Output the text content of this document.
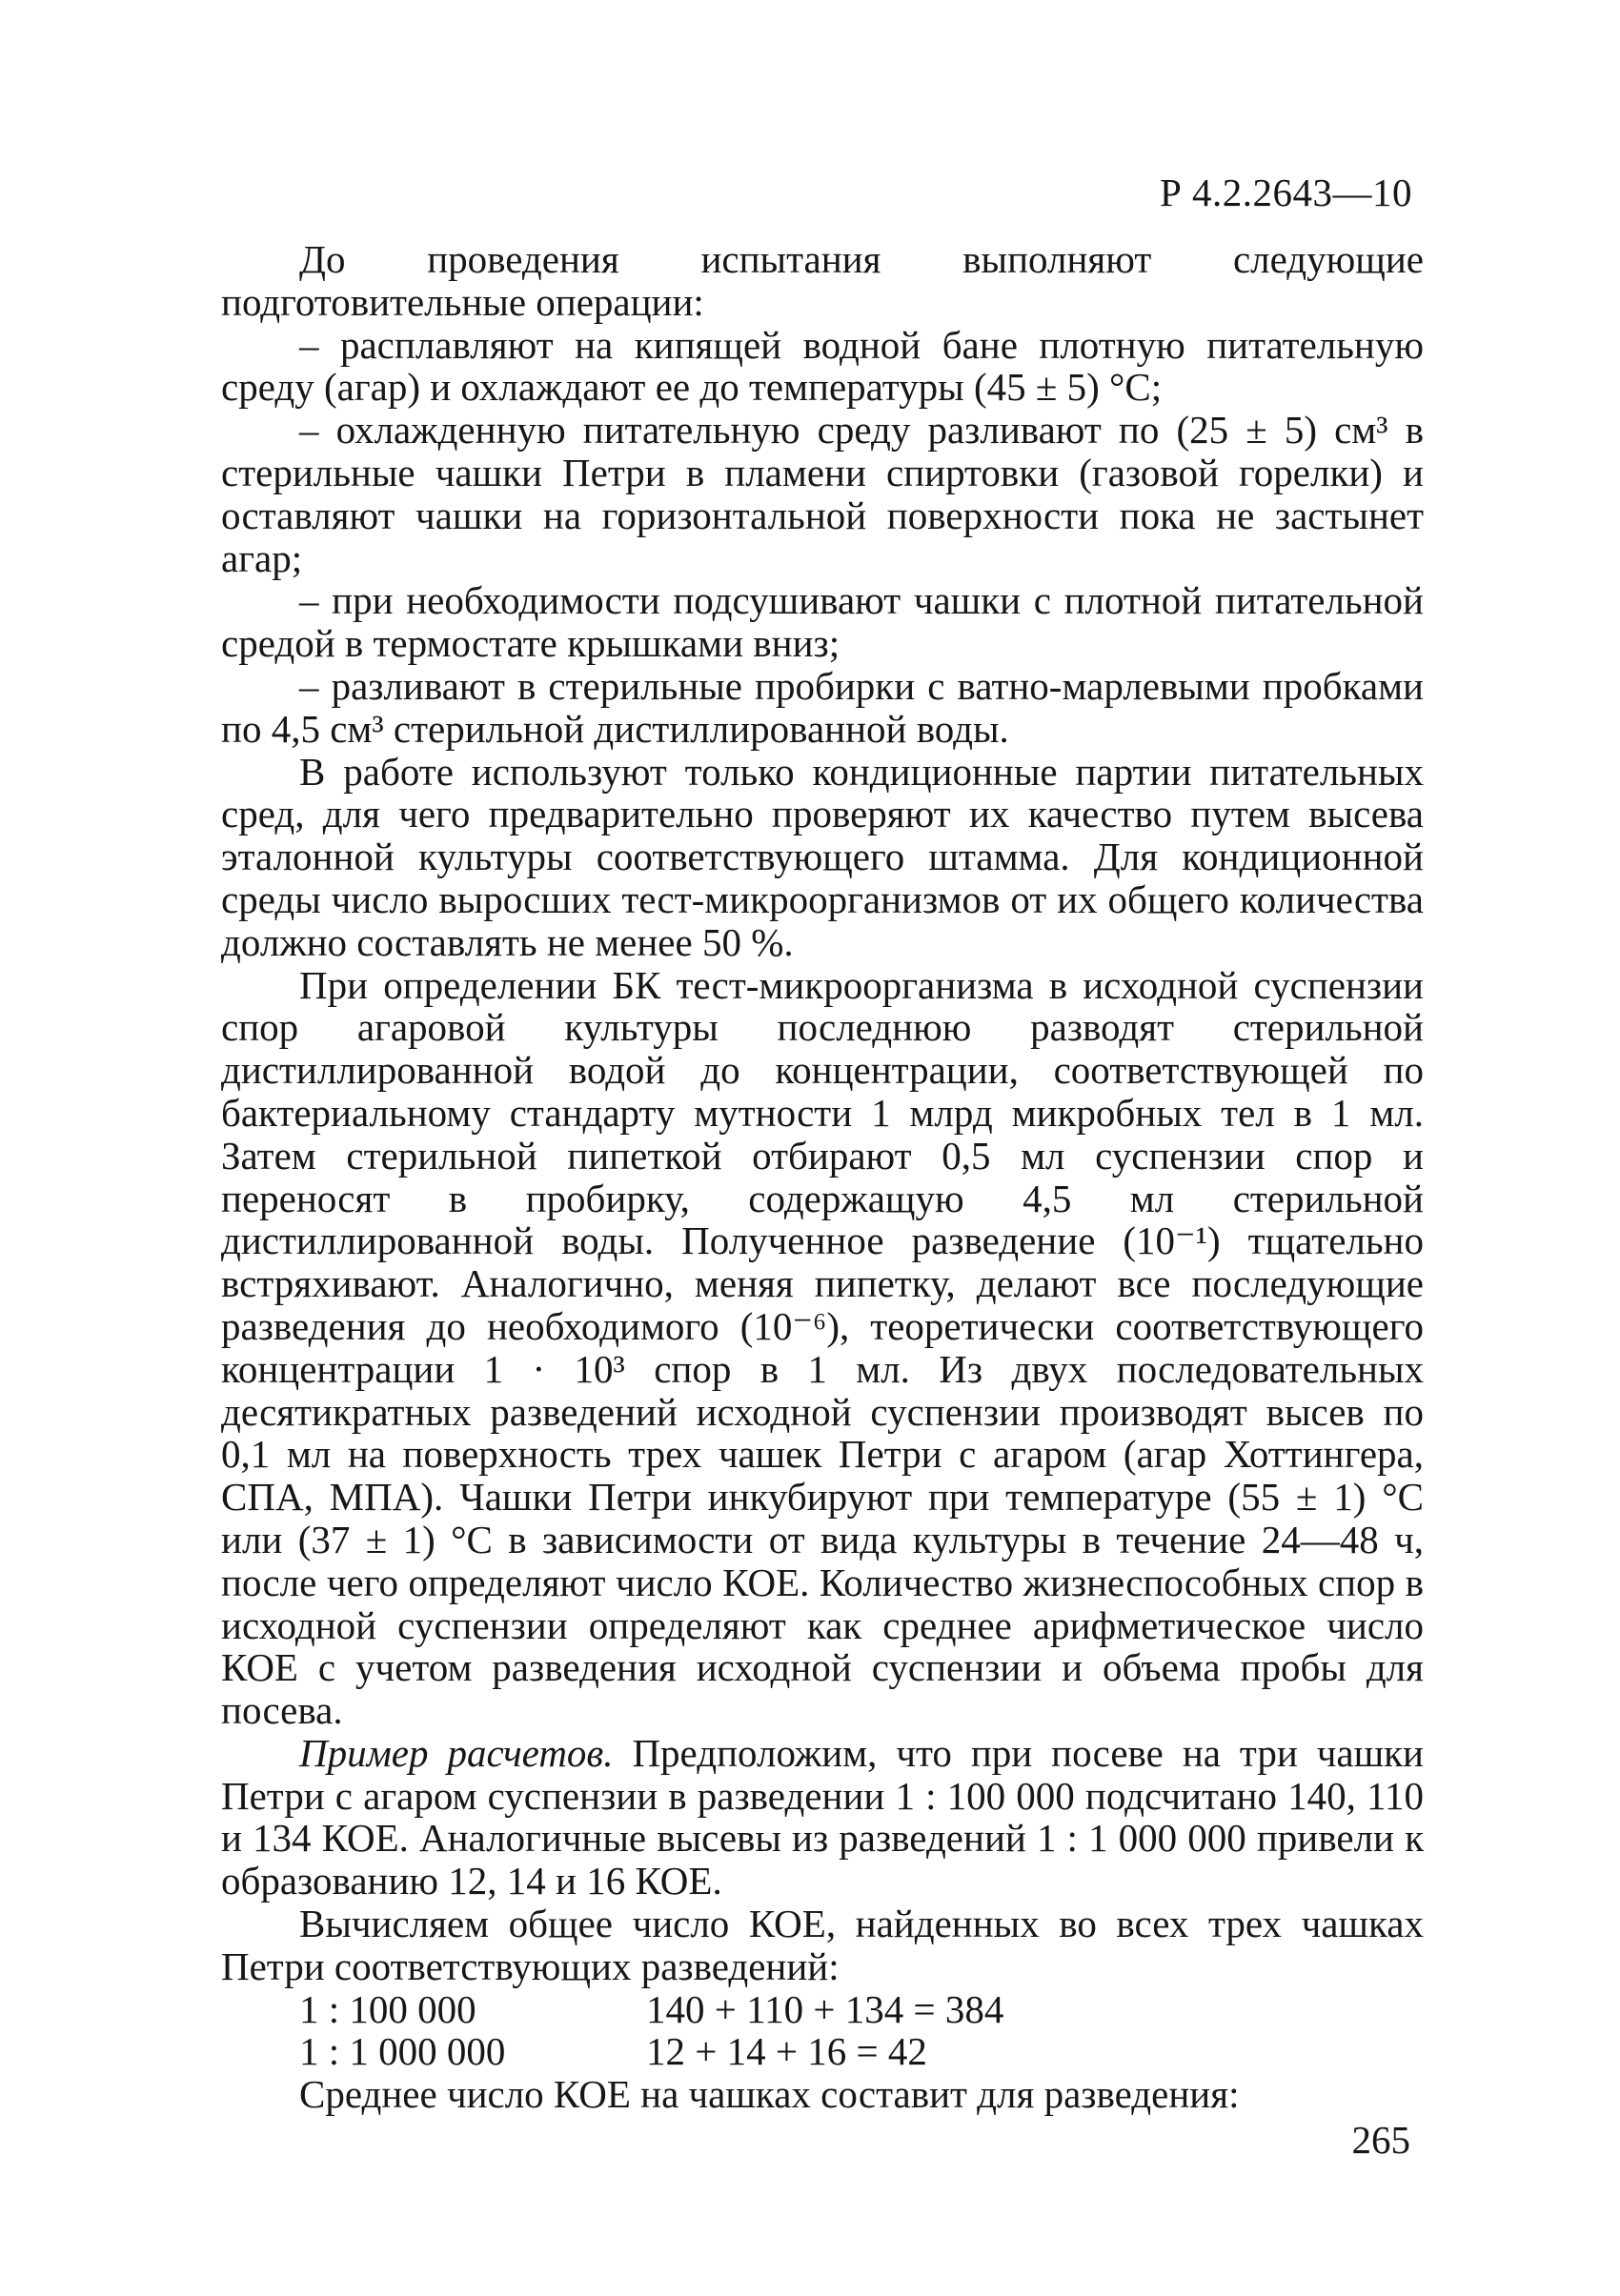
Р 4.2.2643—10

До проведения испытания выполняют следующие подготовительные операции:

– расплавляют на кипящей водной бане плотную питательную среду (агар) и охлаждают ее до температуры (45 ± 5) °С;

– охлажденную питательную среду разливают по (25 ± 5) см³ в стерильные чашки Петри в пламени спиртовки (газовой горелки) и оставляют чашки на горизонтальной поверхности пока не застынет агар;

– при необходимости подсушивают чашки с плотной питательной средой в термостате крышками вниз;

– разливают в стерильные пробирки с ватно-марлевыми пробками по 4,5 см³ стерильной дистиллированной воды.

В работе используют только кондиционные партии питательных сред, для чего предварительно проверяют их качество путем высева эталонной культуры соответствующего штамма. Для кондиционной среды число выросших тест-микроорганизмов от их общего количества должно составлять не менее 50 %.

При определении БК тест-микроорганизма в исходной суспензии спор агаровой культуры последнюю разводят стерильной дистиллированной водой до концентрации, соответствующей по бактериальному стандарту мутности 1 млрд микробных тел в 1 мл. Затем стерильной пипеткой отбирают 0,5 мл суспензии спор и переносят в пробирку, содержащую 4,5 мл стерильной дистиллированной воды. Полученное разведение (10⁻¹) тщательно встряхивают. Аналогично, меняя пипетку, делают все последующие разведения до необходимого (10⁻⁶), теоретически соответствующего концентрации 1 · 10³ спор в 1 мл. Из двух последовательных десятикратных разведений исходной суспензии производят высев по 0,1 мл на поверхность трех чашек Петри с агаром (агар Хоттингера, СПА, МПА). Чашки Петри инкубируют при температуре (55 ± 1) °С или (37 ± 1) °С в зависимости от вида культуры в течение 24—48 ч, после чего определяют число КОЕ. Количество жизнеспособных спор в исходной суспензии определяют как среднее арифметическое число КОЕ с учетом разведения исходной суспензии и объема пробы для посева.

Пример расчетов. Предположим, что при посеве на три чашки Петри с агаром суспензии в разведении 1 : 100 000 подсчитано 140, 110 и 134 КОЕ. Аналогичные высевы из разведений 1 : 1 000 000 привели к образованию 12, 14 и 16 КОЕ.

Вычисляем общее число КОЕ, найденных во всех трех чашках Петри соответствующих разведений:

1 : 100 000	140 + 110 + 134 = 384
1 : 1 000 000	12 + 14 + 16 = 42

Среднее число КОЕ на чашках составит для разведения:

265
